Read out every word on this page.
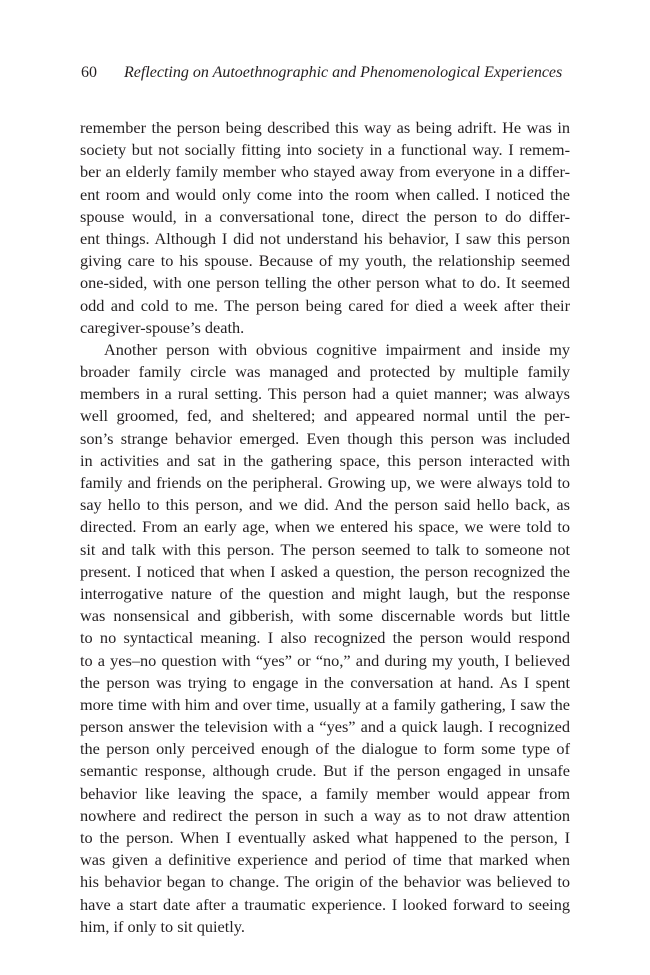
60 Reflecting on Autoethnographic and Phenomenological Experiences

remember the person being described this way as being adrift. He was in
society but not socially fitting into society in a functional way. I remem-
ber an elderly family member who stayed away from everyone in a differ-
ent room and would only come into the room when called. I noticed the
spouse would, in a conversational tone, direct the person to do differ-
ent things. Although I did not understand his behavior, I saw this person
giving care to his spouse. Because of my youth, the relationship seemed
one-sided, with one person telling the other person what to do. It seemed
odd and cold to me. The person being cared for died a week after their
caregiver-spouse’s death.

Another person with obvious cognitive impairment and inside my
broader family circle was managed and protected by multiple family
members in a rural setting. This person had a quiet manner; was always
well groomed, fed, and sheltered; and appeared normal until the per-
son’s strange behavior emerged. Even though this person was included
in activities and sat in the gathering space, this person interacted with
family and friends on the peripheral. Growing up, we were always told to
say hello to this person, and we did. And the person said hello back, as
directed. From an early age, when we entered his space, we were told to
sit and talk with this person. The person seemed to talk to someone not
present. I noticed that when I asked a question, the person recognized the
interrogative nature of the question and might laugh, but the response
was nonsensical and gibberish, with some discernable words but little
to no syntactical meaning. I also recognized the person would respond
to a yes–no question with “yes” or “no,” and during my youth, I believed
the person was trying to engage in the conversation at hand. As I spent
more time with him and over time, usually at a family gathering, I saw the
person answer the television with a “yes” and a quick laugh. I recognized
the person only perceived enough of the dialogue to form some type of
semantic response, although crude. But if the person engaged in unsafe
behavior like leaving the space, a family member would appear from
nowhere and redirect the person in such a way as to not draw attention
to the person. When I eventually asked what happened to the person, I
was given a definitive experience and period of time that marked when
his behavior began to change. The origin of the behavior was believed to
have a start date after a traumatic experience. I looked forward to seeing
him, if only to sit quietly.
